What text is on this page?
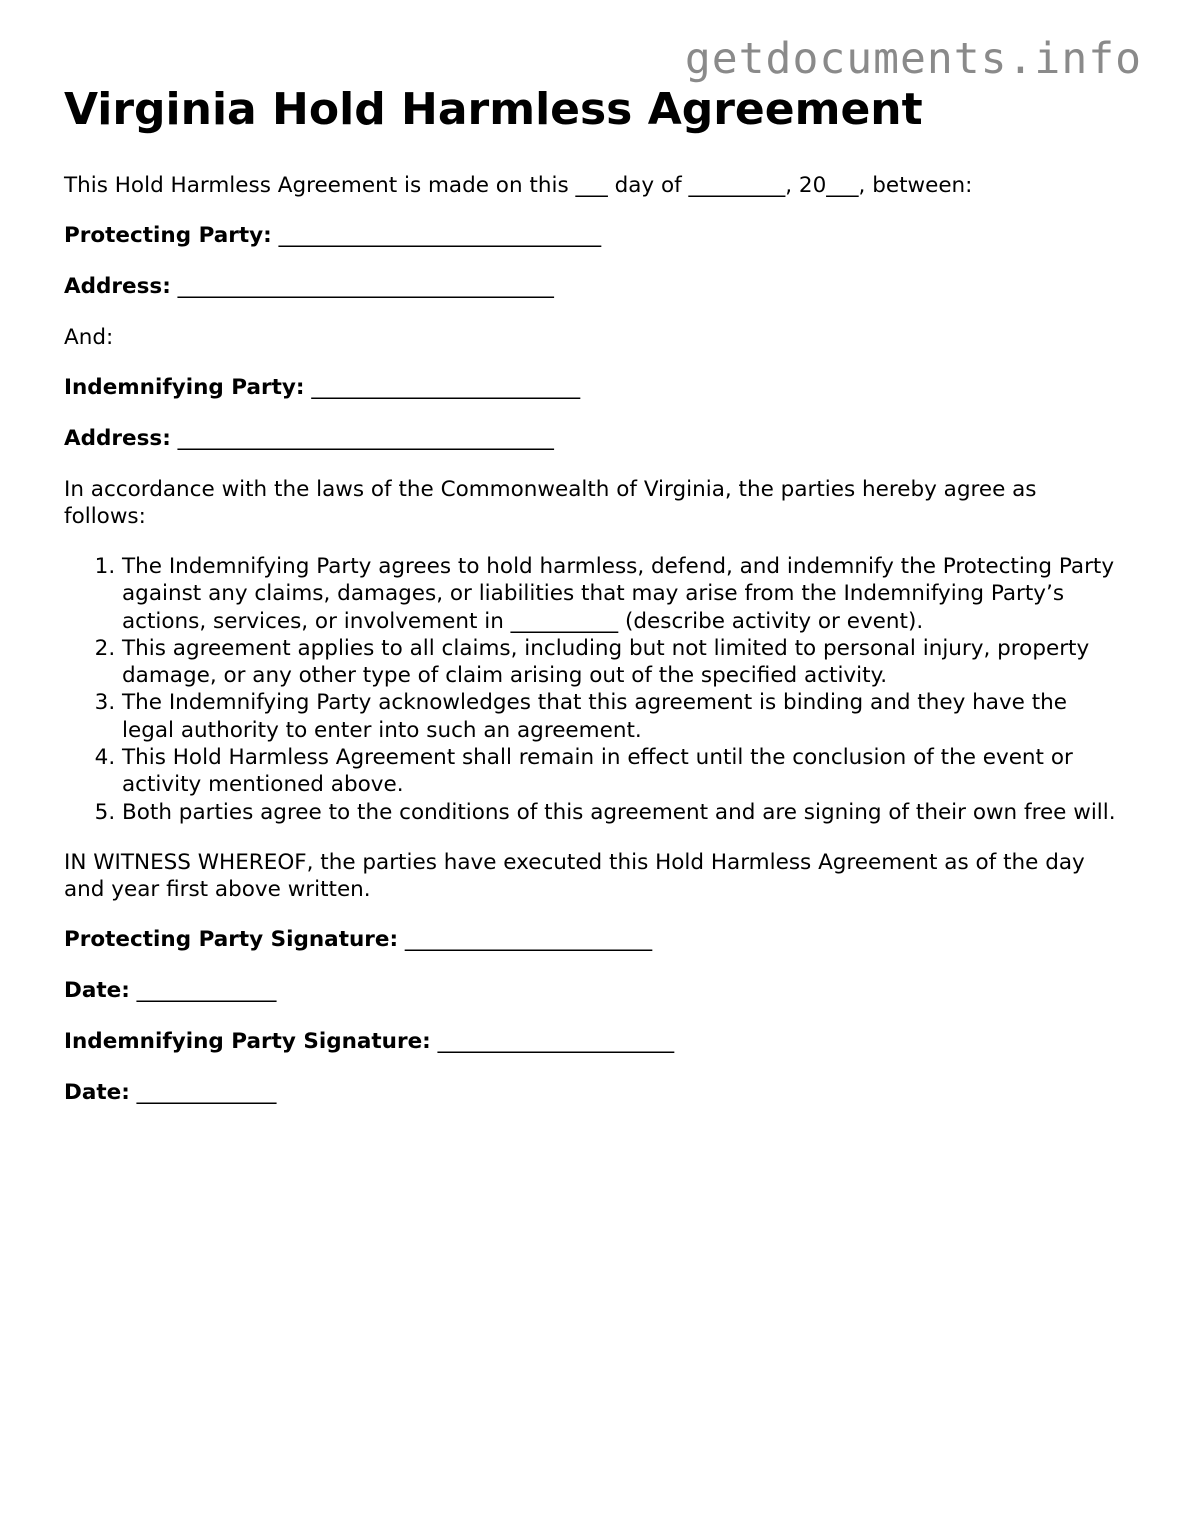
getdocuments.info
Virginia Hold Harmless Agreement

This Hold Harmless Agreement is made on this ___ day of _________, 20___, between:

Protecting Party: ______________________________
Address: ___________________________________

And:

Indemnifying Party: _________________________
Address: ___________________________________

In accordance with the laws of the Commonwealth of Virginia, the parties hereby agree as follows:

1. The Indemnifying Party agrees to hold harmless, defend, and indemnify the Protecting Party against any claims, damages, or liabilities that may arise from the Indemnifying Party’s actions, services, or involvement in __________ (describe activity or event).
2. This agreement applies to all claims, including but not limited to personal injury, property damage, or any other type of claim arising out of the specified activity.
3. The Indemnifying Party acknowledges that this agreement is binding and they have the legal authority to enter into such an agreement.
4. This Hold Harmless Agreement shall remain in effect until the conclusion of the event or activity mentioned above.
5. Both parties agree to the conditions of this agreement and are signing of their own free will.

IN WITNESS WHEREOF, the parties have executed this Hold Harmless Agreement as of the day and year first above written.

Protecting Party Signature: _______________________
Date: _____________
Indemnifying Party Signature: ______________________
Date: _____________
